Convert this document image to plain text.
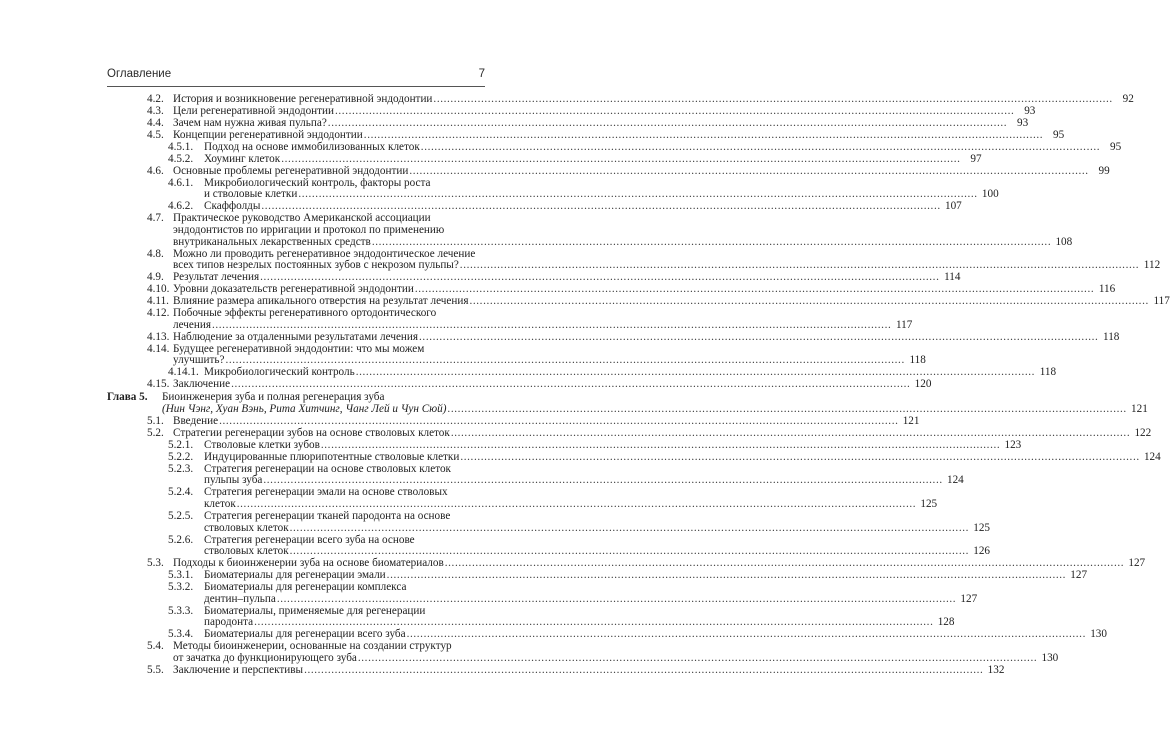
Оглавление	7
4.2. История и возникновение регенеративной эндодонтии ........................................................................................................................................................................................................ 92
4.3. Цели регенеративной эндодонтии ........................................................................................................................................................................................................ 93
4.4. Зачем нам нужна живая пульпа? ........................................................................................................................................................................................................ 93
4.5. Концепции регенеративной эндодонтии ........................................................................................................................................................................................................ 95
4.5.1. Подход на основе иммобилизованных клеток ........................................................................................................................................................................................................ 95
4.5.2. Хоуминг клеток ........................................................................................................................................................................................................ 97
4.6. Основные проблемы регенеративной эндодонтии ........................................................................................................................................................................................................ 99
4.6.1. Микробиологический контроль, факторы роста
и стволовые клетки ........................................................................................................................................................................................................ 100
4.6.2. Скаффолды ........................................................................................................................................................................................................ 107
4.7. Практическое руководство Американской ассоциации
эндодонтистов по ирригации и протокол по применению
внутриканальных лекарственных средств ........................................................................................................................................................................................................ 108
4.8. Можно ли проводить регенеративное эндодонтическое лечение
всех типов незрелых постоянных зубов с некрозом пульпы? ........................................................................................................................................................................................................ 112
4.9. Результат лечения ........................................................................................................................................................................................................ 114
4.10. Уровни доказательств регенеративной эндодонтии ........................................................................................................................................................................................................ 116
4.11. Влияние размера апикального отверстия на результат лечения ........................................................................................................................................................................................................ 117
4.12. Побочные эффекты регенеративного ортодонтического
лечения ........................................................................................................................................................................................................ 117
4.13. Наблюдение за отдаленными результатами лечения ........................................................................................................................................................................................................ 118
4.14. Будущее регенеративной эндодонтии: что мы можем
улучшить? ........................................................................................................................................................................................................ 118
4.14.1. Микробиологический контроль ........................................................................................................................................................................................................ 118
4.15. Заключение ........................................................................................................................................................................................................ 120
Глава 5. Биоинженерия зуба и полная регенерация зуба
(Нин Чэнг, Хуан Вэнь, Рита Хитчинг, Чанг Лей и Чун Сюй) ........................................................................................................................................................................................................ 121
5.1. Введение ........................................................................................................................................................................................................ 121
5.2. Стратегии регенерации зубов на основе стволовых клеток ........................................................................................................................................................................................................ 122
5.2.1. Стволовые клетки зубов ........................................................................................................................................................................................................ 123
5.2.2. Индуцированные плюрипотентные стволовые клетки ........................................................................................................................................................................................................ 124
5.2.3. Стратегия регенерации на основе стволовых клеток
пульпы зуба ........................................................................................................................................................................................................ 124
5.2.4. Стратегия регенерации эмали на основе стволовых
клеток ........................................................................................................................................................................................................ 125
5.2.5. Стратегия регенерации тканей пародонта на основе
стволовых клеток ........................................................................................................................................................................................................ 125
5.2.6. Стратегия регенерации всего зуба на основе
стволовых клеток ........................................................................................................................................................................................................ 126
5.3. Подходы к биоинженерии зуба на основе биоматериалов ........................................................................................................................................................................................................ 127
5.3.1. Биоматериалы для регенерации эмали ........................................................................................................................................................................................................ 127
5.3.2. Биоматериалы для регенерации комплекса
дентин–пульпа ........................................................................................................................................................................................................ 127
5.3.3. Биоматериалы, применяемые для регенерации
пародонта ........................................................................................................................................................................................................ 128
5.3.4. Биоматериалы для регенерации всего зуба ........................................................................................................................................................................................................ 130
5.4. Методы биоинженерии, основанные на создании структур
от зачатка до функционирующего зуба ........................................................................................................................................................................................................ 130
5.5. Заключение и перспективы ........................................................................................................................................................................................................ 132
